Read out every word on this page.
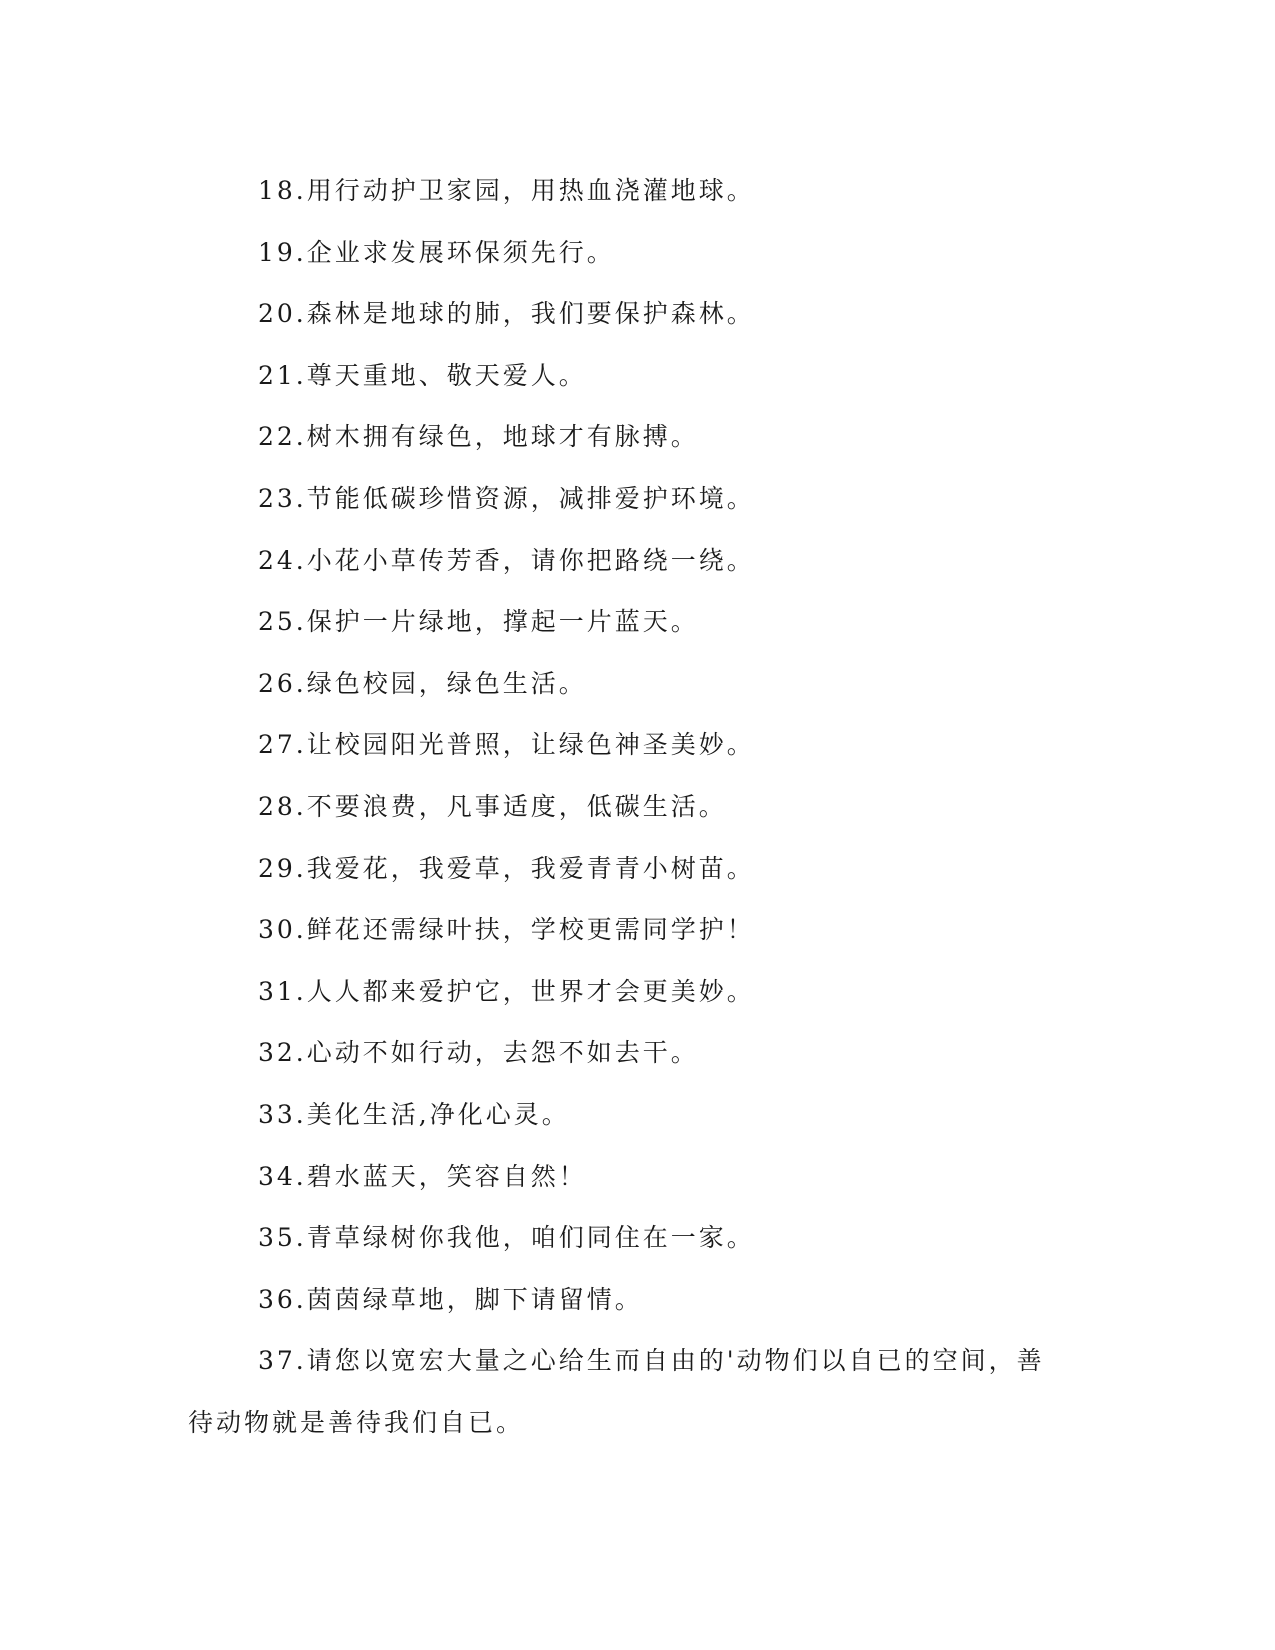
18.用行动护卫家园，用热血浇灌地球。

19.企业求发展环保须先行。

20.森林是地球的肺，我们要保护森林。

21.尊天重地、敬天爱人。

22.树木拥有绿色，地球才有脉搏。

23.节能低碳珍惜资源，减排爱护环境。

24.小花小草传芳香，请你把路绕一绕。

25.保护一片绿地，撑起一片蓝天。

26.绿色校园，绿色生活。

27.让校园阳光普照，让绿色神圣美妙。

28.不要浪费，凡事适度，低碳生活。

29.我爱花，我爱草，我爱青青小树苗。

30.鲜花还需绿叶扶，学校更需同学护！

31.人人都来爱护它，世界才会更美妙。

32.心动不如行动，去怨不如去干。

33.美化生活,净化心灵。

34.碧水蓝天，笑容自然！

35.青草绿树你我他，咱们同住在一家。

36.茵茵绿草地，脚下请留情。

37.请您以宽宏大量之心给生而自由的'动物们以自已的空间，善待动物就是善待我们自已。
